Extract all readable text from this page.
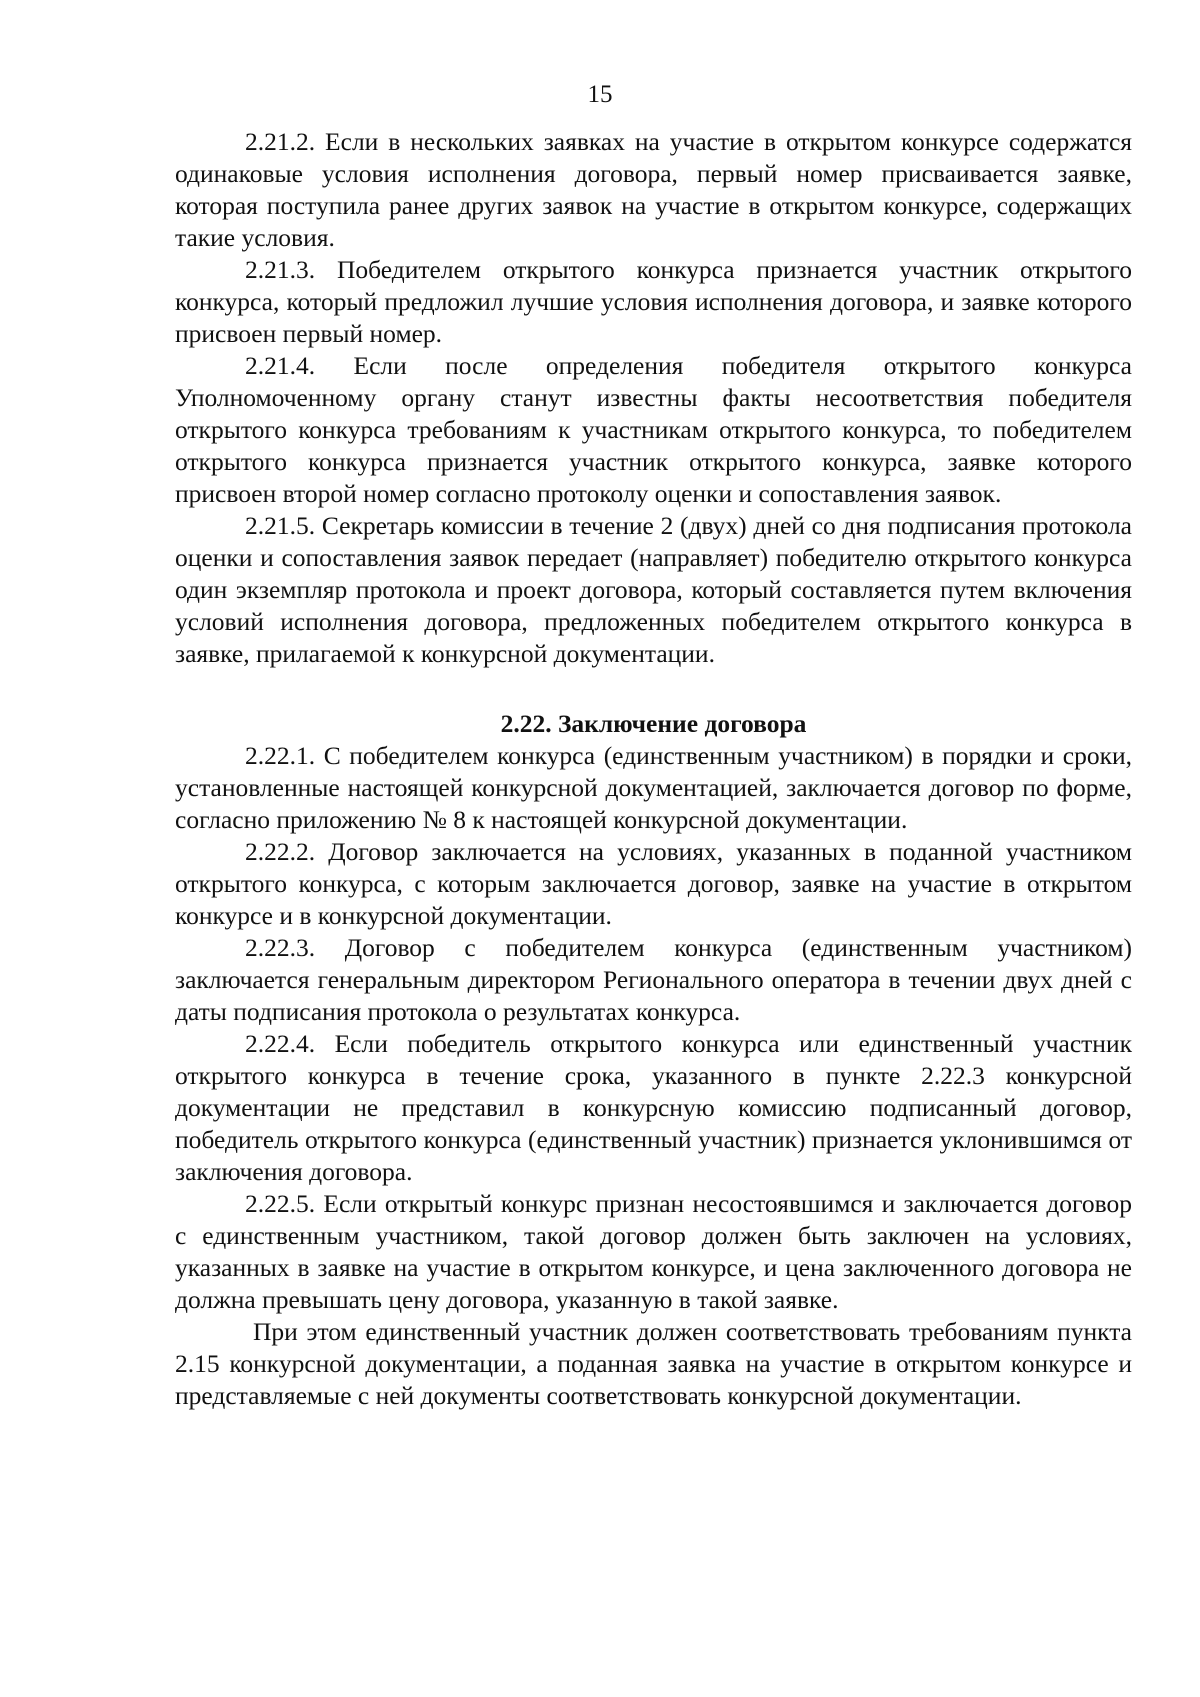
15

2.21.2. Если в нескольких заявках на участие в открытом конкурсе содержатся одинаковые условия исполнения договора, первый номер присваивается заявке, которая поступила ранее других заявок на участие в открытом конкурсе, содержащих такие условия.

2.21.3. Победителем открытого конкурса признается участник открытого конкурса, который предложил лучшие условия исполнения договора, и заявке которого присвоен первый номер.

2.21.4. Если после определения победителя открытого конкурса Уполномоченному органу станут известны факты несоответствия победителя открытого конкурса требованиям к участникам открытого конкурса, то победителем открытого конкурса признается участник открытого конкурса, заявке которого присвоен второй номер согласно протоколу оценки и сопоставления заявок.

2.21.5. Секретарь комиссии в течение 2 (двух) дней со дня подписания протокола оценки и сопоставления заявок передает (направляет) победителю открытого конкурса один экземпляр протокола и проект договора, который составляется путем включения условий исполнения договора, предложенных победителем открытого конкурса в заявке, прилагаемой к конкурсной документации.

2.22. Заключение договора

2.22.1. С победителем конкурса (единственным участником) в порядки и сроки, установленные настоящей конкурсной документацией, заключается договор по форме, согласно приложению № 8 к настоящей конкурсной документации.

2.22.2. Договор заключается на условиях, указанных в поданной участником открытого конкурса, с которым заключается договор, заявке на участие в открытом конкурсе и в конкурсной документации.

2.22.3. Договор с победителем конкурса (единственным участником) заключается генеральным директором Регионального оператора в течении двух дней с даты подписания протокола о результатах конкурса.

2.22.4. Если победитель открытого конкурса или единственный участник открытого конкурса в течение срока, указанного в пункте 2.22.3 конкурсной документации не представил в конкурсную комиссию подписанный договор, победитель открытого конкурса (единственный участник) признается уклонившимся от заключения договора.

2.22.5. Если открытый конкурс признан несостоявшимся и заключается договор с единственным участником, такой договор должен быть заключен на условиях, указанных в заявке на участие в открытом конкурсе, и цена заключенного договора не должна превышать цену договора, указанную в такой заявке.

При этом единственный участник должен соответствовать требованиям пункта 2.15 конкурсной документации, а поданная заявка на участие в открытом конкурсе и представляемые с ней документы соответствовать конкурсной документации.
